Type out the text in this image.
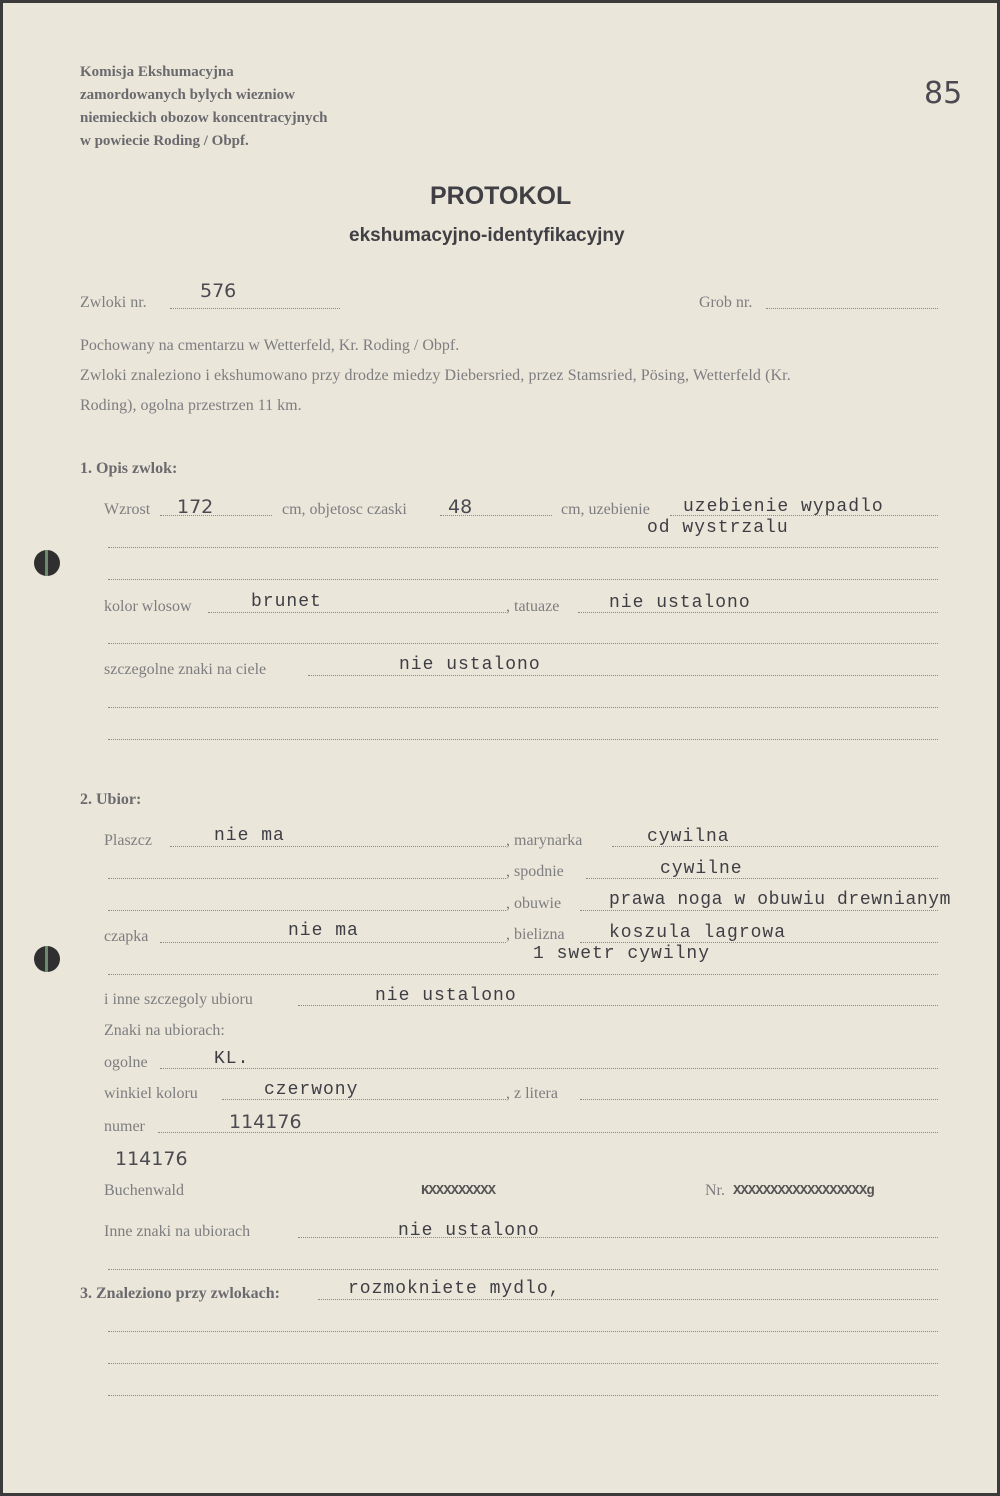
Komisja Ekshumacyjna
zamordowanych bylych wiezniow
niemieckich obozow koncentracyjnych
w powiecie Roding / Obpf.
85
PROTOKOL
ekshumacyjno-identyfikacyjny
Zwloki nr.
576
Grob nr.
Pochowany na cmentarzu w Wetterfeld, Kr. Roding / Obpf.
Zwloki znaleziono i ekshumowano przy drodze miedzy Diebersried, przez Stamsried, Pösing, Wetterfeld (Kr.
Roding), ogolna przestrzen 11 km.
1. Opis zwlok:
Wzrost 172	cm, objetosc czaski 48	cm, uzebienie uzebienie wypadlo
od wystrzalu
kolor wlosow	brunet	, tatuaze	nie ustalono
szczegolne znaki na ciele	nie ustalono
2. Ubior:
Plaszcz	nie ma	, marynarka	cywilna
, spodnie	cywilne
, obuwie	prawa noga w obuwiu drewnianym
czapka	nie ma	, bielizna koszula lagrowa
1 swetr cywilny
i inne szczegoly ubioru	nie ustalono
Znaki na ubiorach:
ogolne	KL.
winkiel koloru	czerwony	, z litera
numer	114176
114176
Buchenwald	KXXXXXXXXX	Nr. XXXXXXXXXXXXXXXXXXg
Inne znaki na ubiorach	nie ustalono
3. Znaleziono przy zwlokach:	rozmokniete mydlo,
